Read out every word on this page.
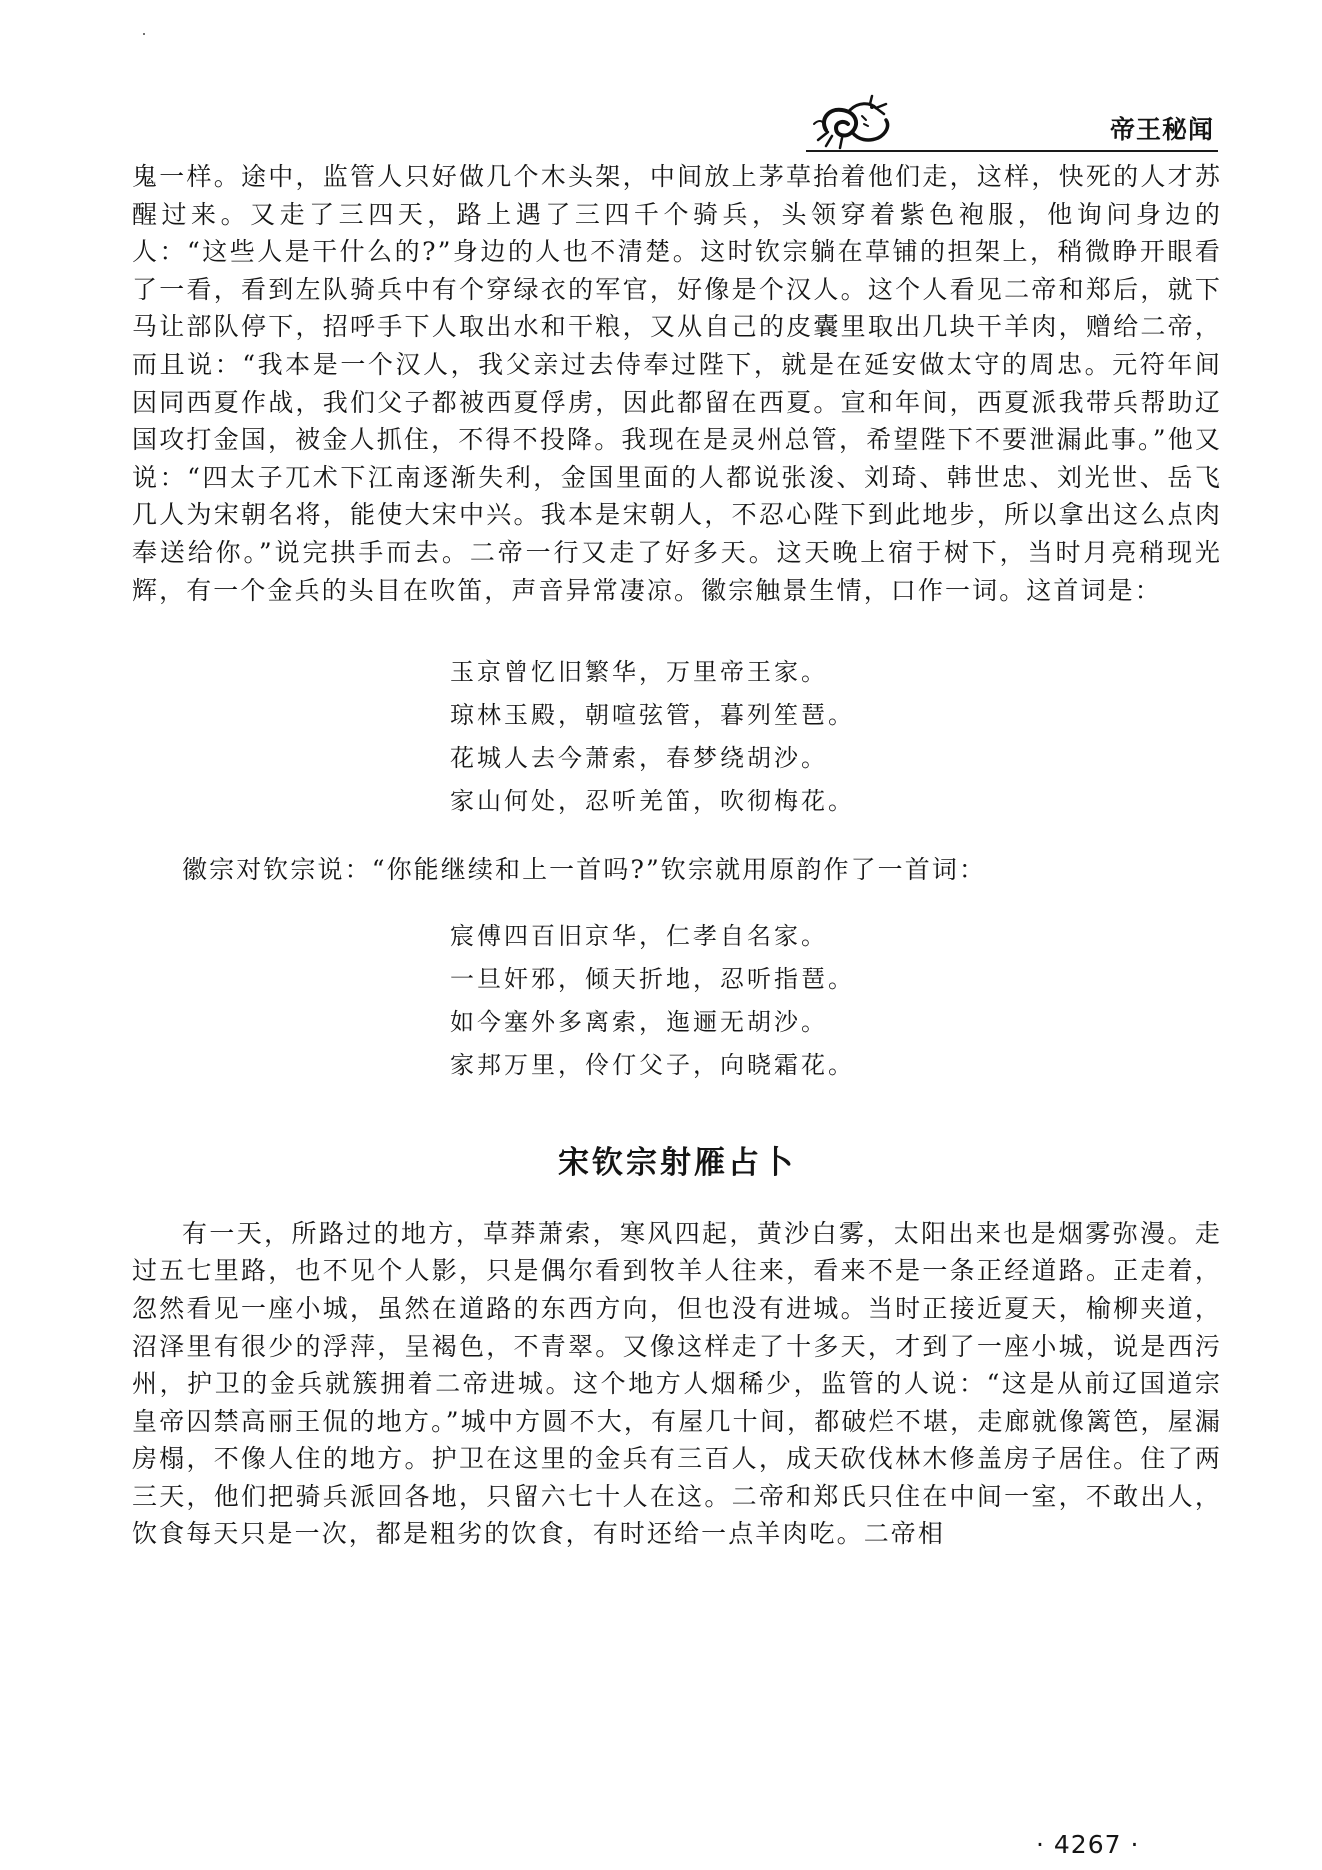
帝王秘闻

鬼一样。途中，监管人只好做几个木头架，中间放上茅草抬着他们走，这样，快死的人才苏醒过来。又走了三四天，路上遇了三四千个骑兵，头领穿着紫色袍服，他询问身边的人：“这些人是干什么的?”身边的人也不清楚。这时钦宗躺在草铺的担架上，稍微睁开眼看了一看，看到左队骑兵中有个穿绿衣的军官，好像是个汉人。这个人看见二帝和郑后，就下马让部队停下，招呼手下人取出水和干粮，又从自己的皮囊里取出几块干羊肉，赠给二帝，而且说：“我本是一个汉人，我父亲过去侍奉过陛下，就是在延安做太守的周忠。元符年间因同西夏作战，我们父子都被西夏俘虏，因此都留在西夏。宣和年间，西夏派我带兵帮助辽国攻打金国，被金人抓住，不得不投降。我现在是灵州总管，希望陛下不要泄漏此事。”他又说：“四太子兀术下江南逐渐失利，金国里面的人都说张浚、刘琦、韩世忠、刘光世、岳飞几人为宋朝名将，能使大宋中兴。我本是宋朝人，不忍心陛下到此地步，所以拿出这么点肉奉送给你。”说完拱手而去。二帝一行又走了好多天。这天晚上宿于树下，当时月亮稍现光辉，有一个金兵的头目在吹笛，声音异常凄凉。徽宗触景生情，口作一词。这首词是：

玉京曾忆旧繁华，万里帝王家。
琼林玉殿，朝喧弦管，暮列笙琶。
花城人去今萧索，春梦绕胡沙。
家山何处，忍听羌笛，吹彻梅花。

徽宗对钦宗说：“你能继续和上一首吗?”钦宗就用原韵作了一首词：

宸傅四百旧京华，仁孝自名家。
一旦奸邪，倾天折地，忍听指琶。
如今塞外多离索，迤逦无胡沙。
家邦万里，伶仃父子，向晓霜花。
宋钦宗射雁占卜

有一天，所路过的地方，草莽萧索，寒风四起，黄沙白雾，太阳出来也是烟雾弥漫。走过五七里路，也不见个人影，只是偶尔看到牧羊人往来，看来不是一条正经道路。正走着，忽然看见一座小城，虽然在道路的东西方向，但也没有进城。当时正接近夏天，榆柳夹道，沼泽里有很少的浮萍，呈褐色，不青翠。又像这样走了十多天，才到了一座小城，说是西污州，护卫的金兵就簇拥着二帝进城。这个地方人烟稀少，监管的人说：“这是从前辽国道宗皇帝囚禁高丽王侃的地方。”城中方圆不大，有屋几十间，都破烂不堪，走廊就像篱笆，屋漏房榻，不像人住的地方。护卫在这里的金兵有三百人，成天砍伐林木修盖房子居住。住了两三天，他们把骑兵派回各地，只留六七十人在这。二帝和郑氏只住在中间一室，不敢出人，饮食每天只是一次，都是粗劣的饮食，有时还给一点羊肉吃。二帝相

· 4267 ·
